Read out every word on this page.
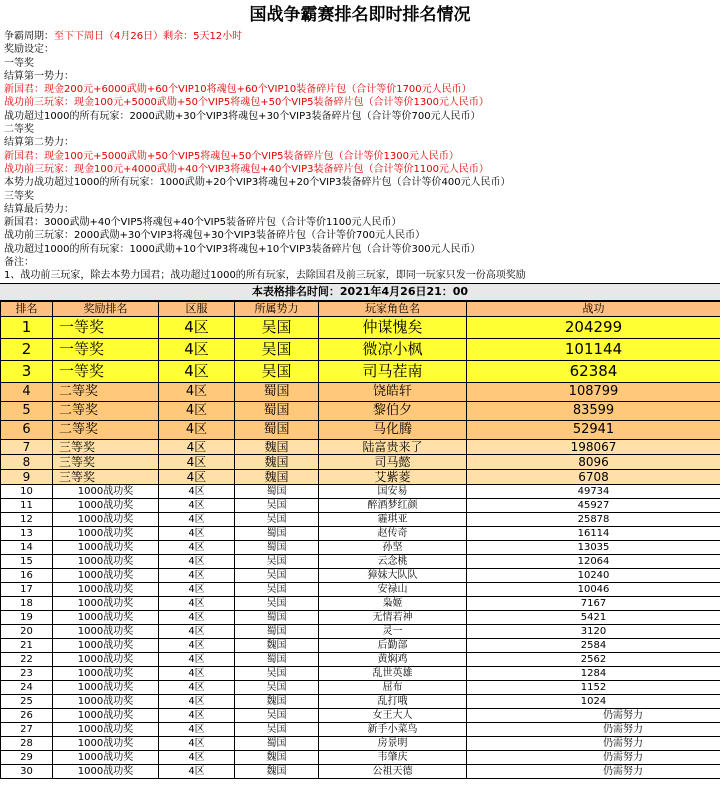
国战争霸赛排名即时排名情况
争霸周期：至下下周日（4月26日）剩余：5天12小时
奖励设定：
一等奖
结算第一势力：
新国君：现金200元+6000武勋+60个VIP10将魂包+60个VIP10装备碎片包（合计等价1700元人民币）
战功前三玩家：现金100元+5000武勋+50个VIP5将魂包+50个VIP5装备碎片包（合计等价1300元人民币）
战功超过1000的所有玩家：2000武勋+30个VIP3将魂包+30个VIP3装备碎片包（合计等价700元人民币）
二等奖
结算第二势力：
新国君：现金100元+5000武勋+50个VIP5将魂包+50个VIP5装备碎片包（合计等价1300元人民币）
战功前三玩家：现金100元+4000武勋+40个VIP3将魂包+40个VIP3装备碎片包（合计等价1100元人民币）
本势力战功超过1000的所有玩家：1000武勋+20个VIP3将魂包+20个VIP3装备碎片包（合计等价400元人民币）
三等奖
结算最后势力：
新国君：3000武勋+40个VIP5将魂包+40个VIP5装备碎片包（合计等价1100元人民币）
战功前三玩家：2000武勋+30个VIP3将魂包+30个VIP3装备碎片包（合计等价700元人民币）
战功超过1000的所有玩家：1000武勋+10个VIP3将魂包+10个VIP3装备碎片包（合计等价300元人民币）
备注：
1、战功前三玩家，除去本势力国君；战功超过1000的所有玩家，去除国君及前三玩家，即同一玩家只发一份高项奖励
本表格排名时间：2021年4月26日21：00
排名	奖励排名	区服	所属势力	玩家角色名	战功
1	一等奖	4区	吴国	仲谋愧矣	204299
2	一等奖	4区	吴国	微凉小枫	101144
3	一等奖	4区	吴国	司马茬南	62384
4	二等奖	4区	蜀国	饶皓轩	108799
5	二等奖	4区	蜀国	黎伯夕	83599
6	二等奖	4区	蜀国	马化腾	52941
7	三等奖	4区	魏国	陆富贵来了	198067
8	三等奖	4区	魏国	司马懿	8096
9	三等奖	4区	魏国	艾紫菱	6708
10	1000战功奖	4区	蜀国	国安易	49734
11	1000战功奖	4区	吴国	醉酒梦红颜	45927
12	1000战功奖	4区	吴国	霾琪亚	25878
13	1000战功奖	4区	蜀国	赵传奇	16114
14	1000战功奖	4区	蜀国	孙坚	13035
15	1000战功奖	4区	吴国	云念桃	12064
16	1000战功奖	4区	吴国	獐妹大队队	10240
17	1000战功奖	4区	吴国	安禄山	10046
18	1000战功奖	4区	吴国	枭姬	7167
19	1000战功奖	4区	蜀国	无情若神	5421
20	1000战功奖	4区	蜀国	灵一	3120
21	1000战功奖	4区	魏国	后勤部	2584
22	1000战功奖	4区	蜀国	黄焖鸡	2562
23	1000战功奖	4区	吴国	乱世英雄	1284
24	1000战功奖	4区	吴国	屈布	1152
25	1000战功奖	4区	魏国	乱打哦	1024
26	1000战功奖	4区	吴国	女王大人	仍需努力
27	1000战功奖	4区	吴国	新手小菜鸟	仍需努力
28	1000战功奖	4区	蜀国	房景明	仍需努力
29	1000战功奖	4区	魏国	韦肇庆	仍需努力
30	1000战功奖	4区	魏国	公祖天德	仍需努力
